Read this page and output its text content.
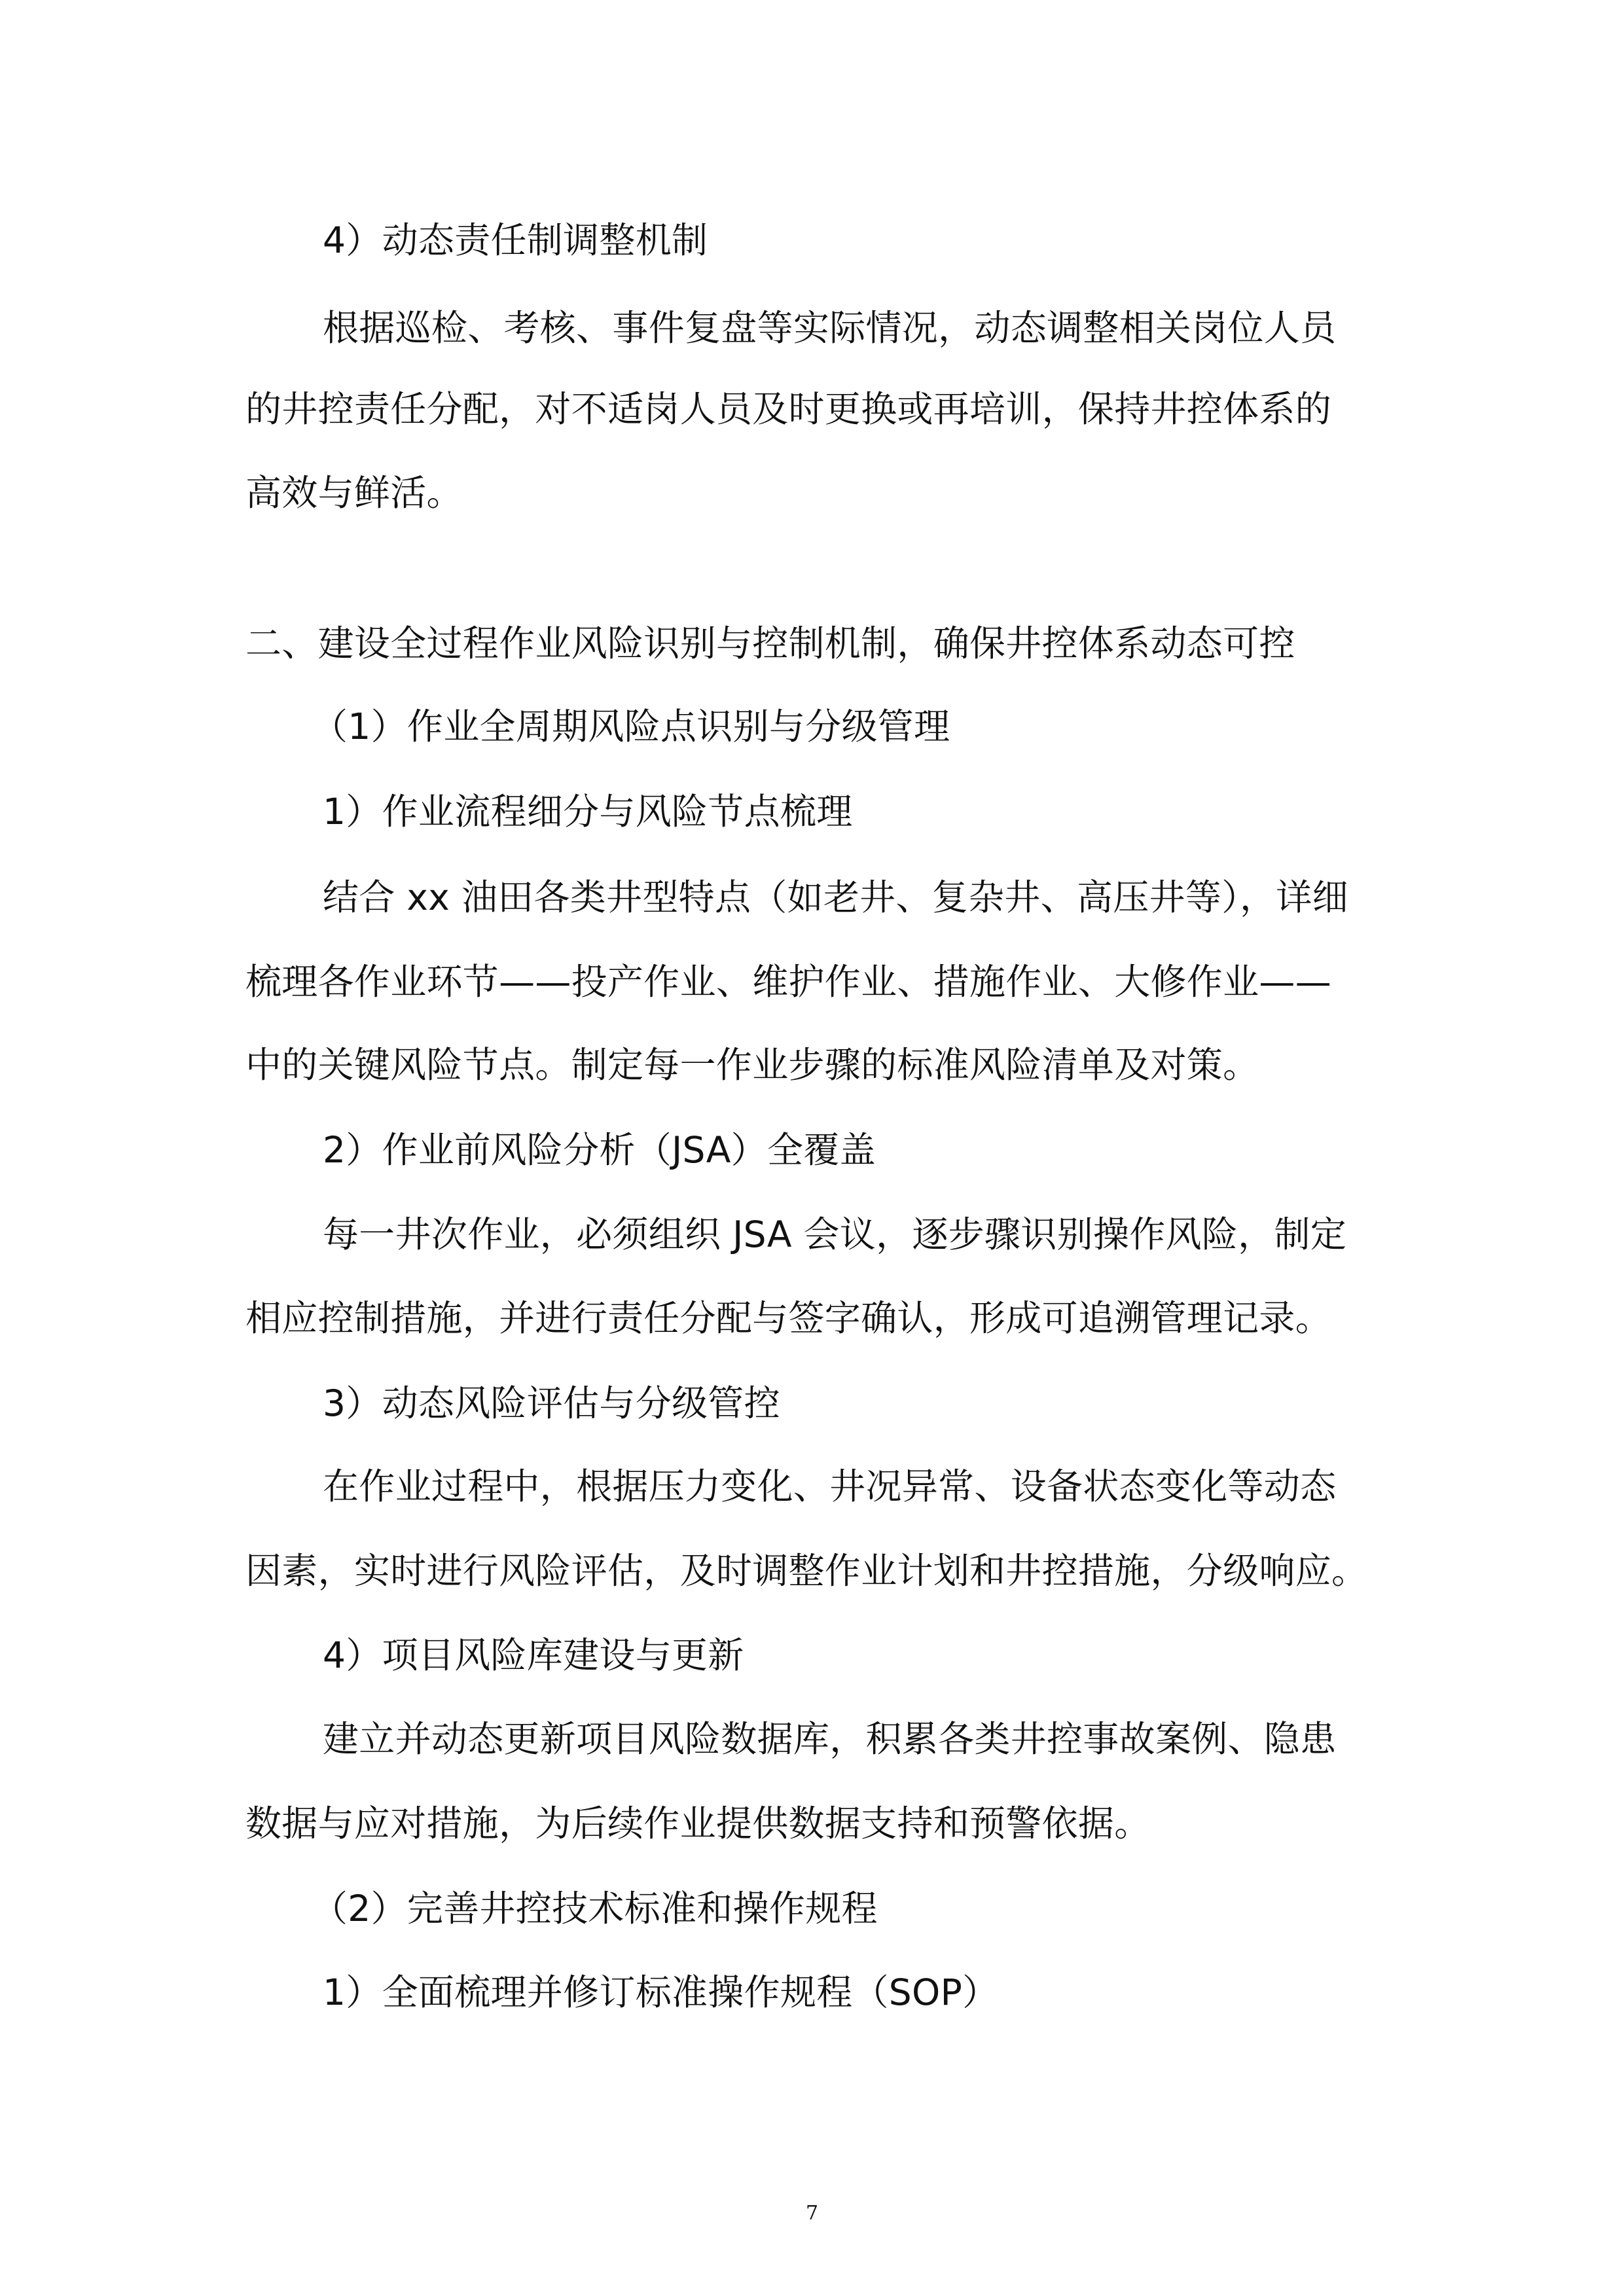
4）动态责任制调整机制

根据巡检、考核、事件复盘等实际情况，动态调整相关岗位人员

的井控责任分配，对不适岗人员及时更换或再培训，保持井控体系的

高效与鲜活。

二、建设全过程作业风险识别与控制机制，确保井控体系动态可控

（1）作业全周期风险点识别与分级管理

1）作业流程细分与风险节点梳理

结合 xx 油田各类井型特点（如老井、复杂井、高压井等），详细

梳理各作业环节——投产作业、维护作业、措施作业、大修作业——

中的关键风险节点。制定每一作业步骤的标准风险清单及对策。

2）作业前风险分析（JSA）全覆盖

每一井次作业，必须组织 JSA 会议，逐步骤识别操作风险，制定

相应控制措施，并进行责任分配与签字确认，形成可追溯管理记录。

3）动态风险评估与分级管控

在作业过程中，根据压力变化、井况异常、设备状态变化等动态

因素，实时进行风险评估，及时调整作业计划和井控措施，分级响应。

4）项目风险库建设与更新

建立并动态更新项目风险数据库，积累各类井控事故案例、隐患

数据与应对措施，为后续作业提供数据支持和预警依据。

（2）完善井控技术标准和操作规程

1）全面梳理并修订标准操作规程（SOP）

7
